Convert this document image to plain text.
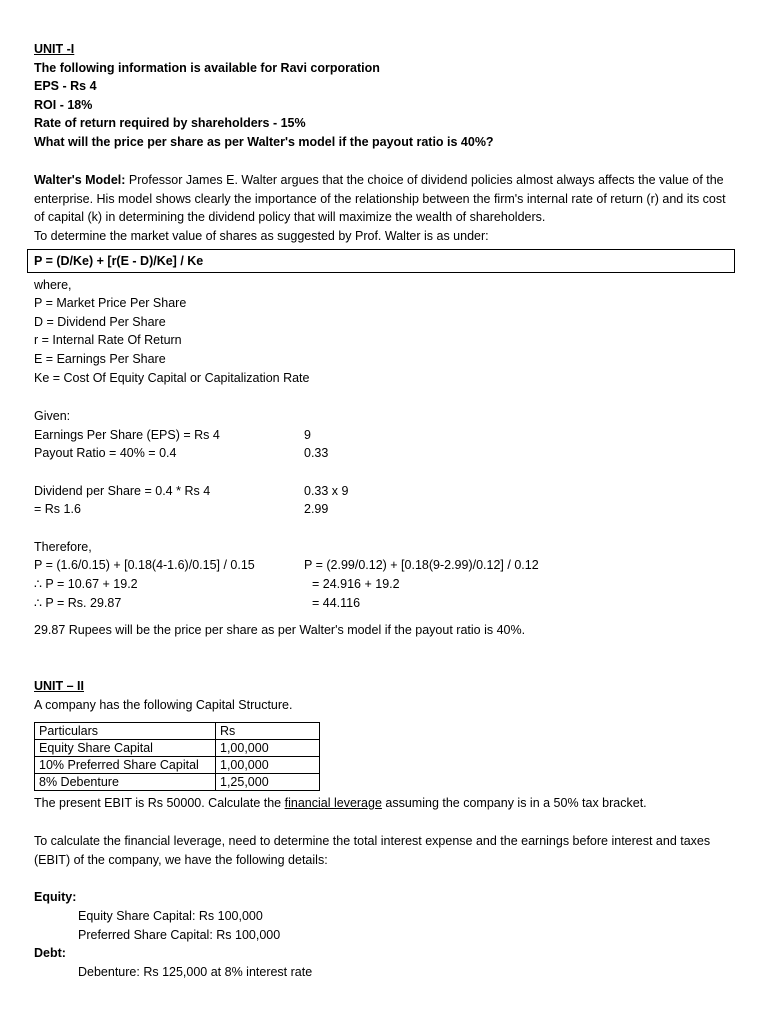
UNIT -I
The following information is available for Ravi corporation
EPS - Rs 4
ROI - 18%
Rate of return required by shareholders - 15%
What will the price per share as per Walter's model if the payout ratio is 40%?
Walter's Model: Professor James E. Walter argues that the choice of dividend policies almost always affects the value of the enterprise. His model shows clearly the importance of the relationship between the firm's internal rate of return (r) and its cost of capital (k) in determining the dividend policy that will maximize the wealth of shareholders.
To determine the market value of shares as suggested by Prof. Walter is as under:
P = (D/Ke) + [r(E - D)/Ke] / Ke
where,
P = Market Price Per Share
D = Dividend Per Share
r = Internal Rate Of Return
E = Earnings Per Share
Ke = Cost Of Equity Capital or Capitalization Rate
Given:
Earnings Per Share (EPS) = Rs 4	9
Payout Ratio = 40% = 0.4	0.33
Dividend per Share = 0.4 * Rs 4	0.33 x 9
= Rs 1.6	2.99
Therefore,
P = (1.6/0.15) + [0.18(4-1.6)/0.15] / 0.15	P = (2.99/0.12) + [0.18(9-2.99)/0.12] / 0.12
∴ P = 10.67 + 19.2	= 24.916 + 19.2
∴ P = Rs. 29.87	= 44.116
29.87 Rupees will be the price per share as per Walter's model if the payout ratio is 40%.
UNIT – II
A company has the following Capital Structure.
Particulars	Rs
Equity Share Capital	1,00,000
10% Preferred Share Capital	1,00,000
8% Debenture	1,25,000
The present EBIT is Rs 50000. Calculate the financial leverage assuming the company is in a 50% tax bracket.
To calculate the financial leverage, need to determine the total interest expense and the earnings before interest and taxes (EBIT) of the company, we have the following details:
Equity:
Equity Share Capital: Rs 100,000
Preferred Share Capital: Rs 100,000
Debt:
Debenture: Rs 125,000 at 8% interest rate
